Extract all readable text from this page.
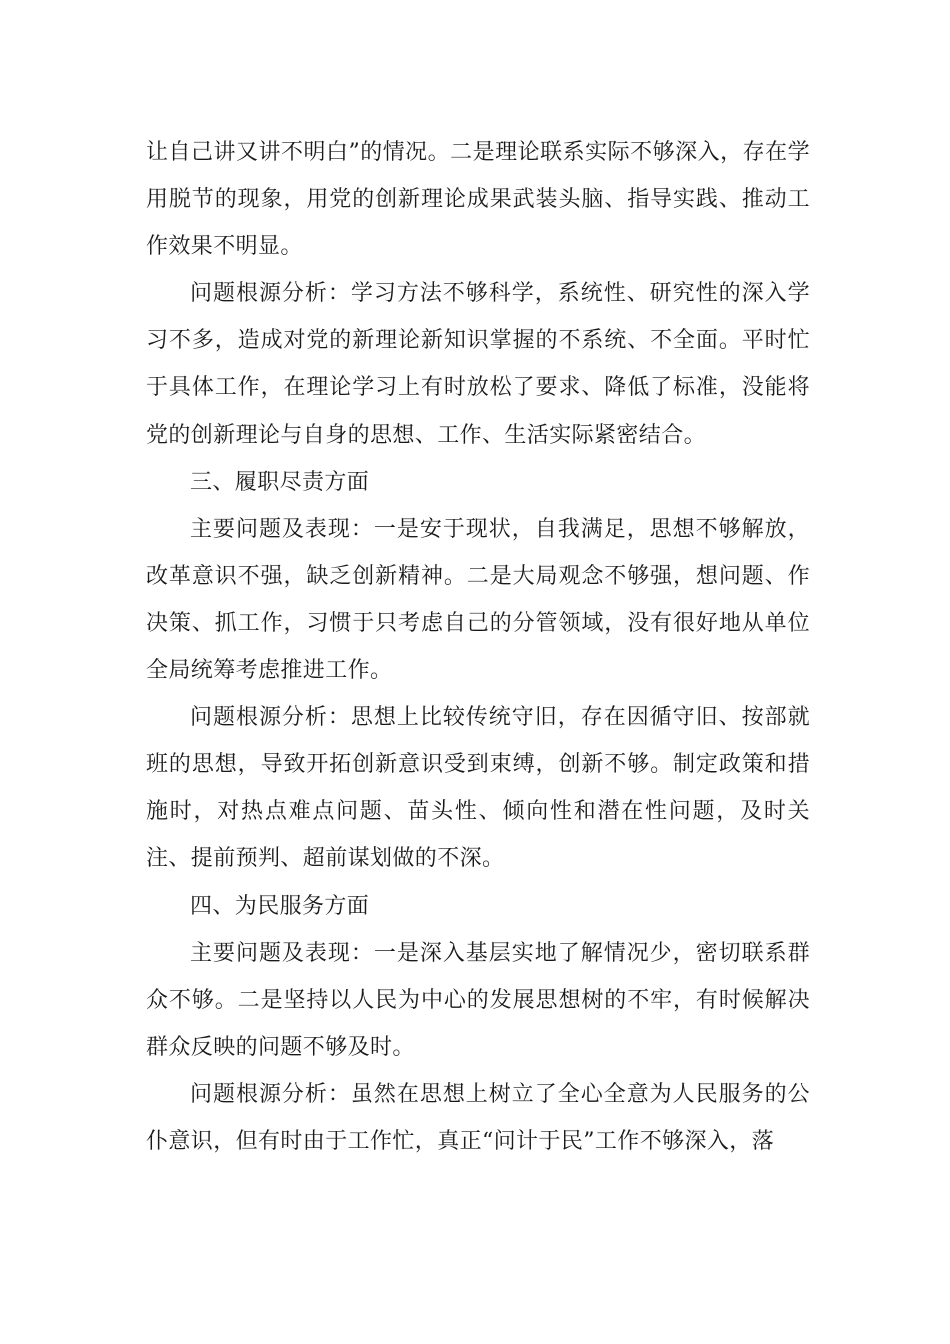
让自己讲又讲不明白”的情况。二是理论联系实际不够深入，存在学用脱节的现象，用党的创新理论成果武装头脑、指导实践、推动工作效果不明显。

问题根源分析：学习方法不够科学，系统性、研究性的深入学习不多，造成对党的新理论新知识掌握的不系统、不全面。平时忙于具体工作，在理论学习上有时放松了要求、降低了标准，没能将党的创新理论与自身的思想、工作、生活实际紧密结合。

三、履职尽责方面

主要问题及表现：一是安于现状，自我满足，思想不够解放，改革意识不强，缺乏创新精神。二是大局观念不够强，想问题、作决策、抓工作，习惯于只考虑自己的分管领域，没有很好地从单位全局统筹考虑推进工作。

问题根源分析：思想上比较传统守旧，存在因循守旧、按部就班的思想，导致开拓创新意识受到束缚，创新不够。制定政策和措施时，对热点难点问题、苗头性、倾向性和潜在性问题，及时关注、提前预判、超前谋划做的不深。

四、为民服务方面

主要问题及表现：一是深入基层实地了解情况少，密切联系群众不够。二是坚持以人民为中心的发展思想树的不牢，有时候解决群众反映的问题不够及时。

问题根源分析：虽然在思想上树立了全心全意为人民服务的公仆意识，但有时由于工作忙，真正“问计于民”工作不够深入，落
